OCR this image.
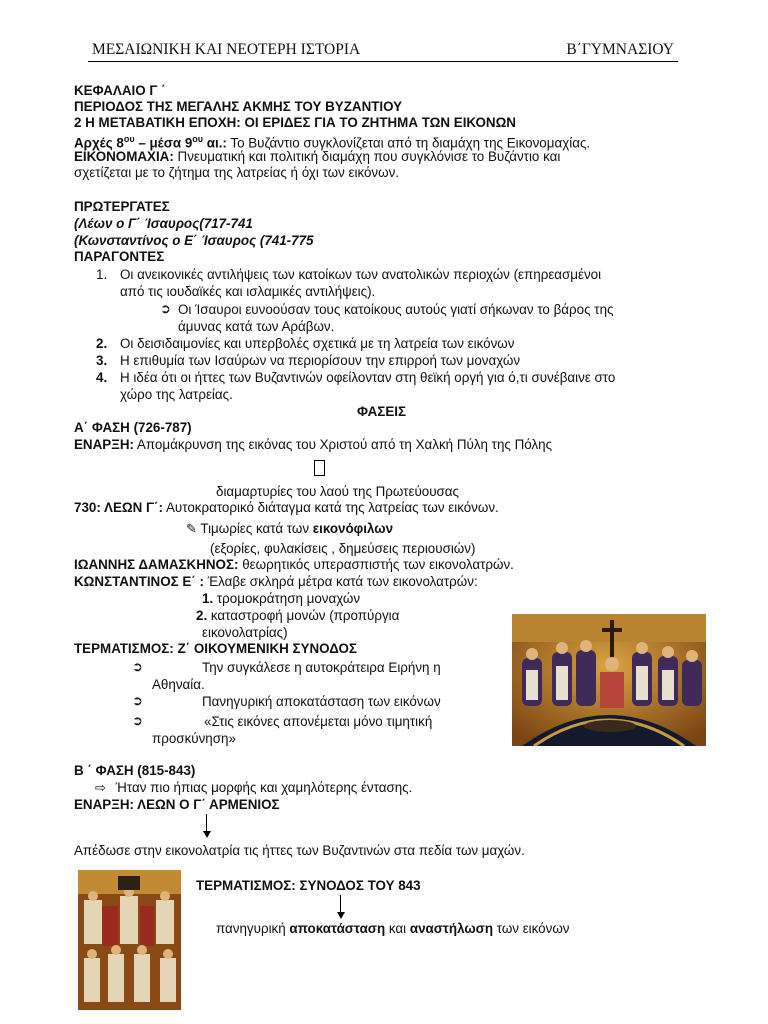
ΜΕΣΑΙΩΝΙΚΗ ΚΑΙ ΝΕΟΤΕΡΗ ΙΣΤΟΡΙΑ	Β΄ΓΥΜΝΑΣΙΟΥ
ΚΕΦΑΛΑΙΟ Γ ΄
ΠΕΡΙΟΔΟΣ ΤΗΣ ΜΕΓΑΛΗΣ ΑΚΜΗΣ ΤΟΥ ΒΥΖΑΝΤΙΟΥ
2 Η ΜΕΤΑΒΑΤΙΚΗ ΕΠΟΧΗ: ΟΙ ΕΡΙΔΕΣ ΓΙΑ ΤΟ ΖΗΤΗΜΑ ΤΩΝ ΕΙΚΟΝΩΝ
Αρχές $8^{o\upsilon}$ – μέσα $9^{o\upsilon}$ αι.: Το Βυζάντιο συγκλονίζεται από τη διαμάχη της Εικονομαχίας.
ΕΙΚΟΝΟΜΑΧΙΑ: Πνευματική και πολιτική διαμάχη που συγκλόνισε το Βυζάντιο και
σχετίζεται με το ζήτημα της λατρείας ή όχι των εικόνων.
ΠΡΩΤΕΡΓΑΤΕΣ
(Λέων ο Γ΄ Ίσαυρος(717-741
(Κωνσταντίνος ο Ε΄ Ίσαυρος (741-775
ΠΑΡΑΓΟΝΤΕΣ
1. Οι ανεικονικές αντιλήψεις των κατοίκων των ανατολικών περιοχών (επηρεασμένοι
από τις ιουδαϊκές και ισλαμικές αντιλήψεις).
➲ Οι Ίσαυροι ευνοούσαν τους κατοίκους αυτούς γιατί σήκωναν το βάρος της
άμυνας κατά των Αράβων.
2. Οι δεισιδαιμονίες και υπερβολές σχετικά με τη λατρεία των εικόνων
3. Η επιθυμία των Ισαύρων να περιορίσουν την επιρροή των μοναχών
4. Η ιδέα ότι οι ήττες των Βυζαντινών οφείλονταν στη θεϊκή οργή για ό,τι συνέβαινε στο
χώρο της λατρείας.
ΦΑΣΕΙΣ
Α΄ ΦΑΣΗ (726-787)
ΕΝΑΡΞΗ: Απομάκρυνση της εικόνας του Χριστού από τη Χαλκή Πύλη της Πόλης
διαμαρτυρίες του λαού της Πρωτεύουσας
730: ΛΕΩΝ Γ΄: Αυτοκρατορικό διάταγμα κατά της λατρείας των εικόνων.
✎ Τιμωρίες κατά των εικονόφιλων
(εξορίες, φυλακίσεις , δημεύσεις περιουσιών)
ΙΩΑΝΝΗΣ ΔΑΜΑΣΚΗΝΟΣ: θεωρητικός υπερασπιστής των εικονολατρών.
ΚΩΝΣΤΑΝΤΙΝΟΣ Ε΄ : Έλαβε σκληρά μέτρα κατά των εικονολατρών:
1. τρομοκράτηση μοναχών
2. καταστροφή μονών (προπύργια
εικονολατρίας)
ΤΕΡΜΑΤΙΣΜΟΣ: Ζ΄ ΟΙΚΟΥΜΕΝΙΚΗ ΣΥΝΟΔΟΣ
➲	Την συγκάλεσε η αυτοκράτειρα Ειρήνη η
Αθηναία.
➲	Πανηγυρική αποκατάσταση των εικόνων
➲	«Στις εικόνες απονέμεται μόνο τιμητική
προσκύνηση»
Β ΄ ΦΑΣΗ (815-843)
⇨ Ήταν πιο ήπιας μορφής και χαμηλότερης έντασης.
ΕΝΑΡΞΗ: ΛΕΩΝ Ο Γ΄ ΑΡΜΕΝΙΟΣ
Απέδωσε στην εικονολατρία τις ήττες των Βυζαντινών στα πεδία των μαχών.
ΤΕΡΜΑΤΙΣΜΟΣ: ΣΥΝΟΔΟΣ ΤΟΥ 843
πανηγυρική αποκατάσταση και αναστήλωση των εικόνων
